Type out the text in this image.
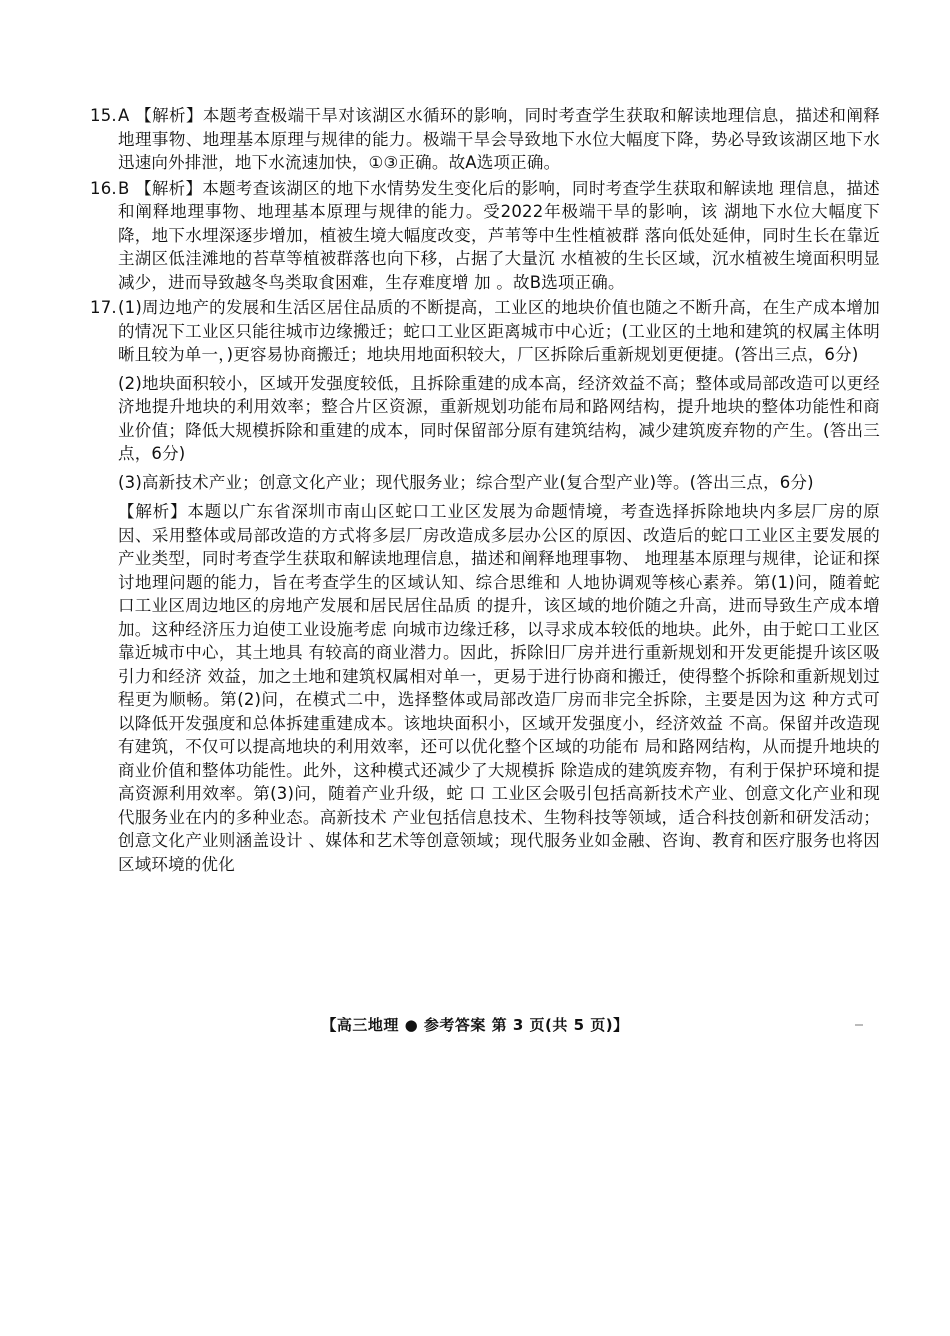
15. A 【解析】本题考查极端干旱对该湖区水循环的影响，同时考查学生获取和解读地理信息，描述和阐释地理事物、地理基本原理与规律的能力。极端干旱会导致地下水位大幅度下降，势必导致该湖区地下水迅速向外排泄，地下水流速加快，①③正确。故A选项正确。
16. B 【解析】本题考查该湖区的地下水情势发生变化后的影响，同时考查学生获取和解读地 理信息，描述和阐释地理事物、地理基本原理与规律的能力。受2022年极端干旱的影响，该 湖地下水位大幅度下降，地下水埋深逐步增加，植被生境大幅度改变，芦苇等中生性植被群 落向低处延伸，同时生长在靠近主湖区低洼滩地的苔草等植被群落也向下移，占据了大量沉 水植被的生长区域，沉水植被生境面积明显减少，进而导致越冬鸟类取食困难，生存难度增 加 。故B选项正确。
17. (1)周边地产的发展和生活区居住品质的不断提高，工业区的地块价值也随之不断升高，在生产成本增加的情况下工业区只能往城市边缘搬迁；蛇口工业区距离城市中心近；(工业区的土地和建筑的权属主体明晰且较为单一，)更容易协商搬迁；地块用地面积较大，厂区拆除后重新规划更便捷。(答出三点，6分)
(2)地块面积较小，区域开发强度较低，且拆除重建的成本高，经济效益不高；整体或局部改造可以更经济地提升地块的利用效率；整合片区资源，重新规划功能布局和路网结构，提升地块的整体功能性和商业价值；降低大规模拆除和重建的成本，同时保留部分原有建筑结构，减少建筑废弃物的产生。(答出三点，6分)
(3)高新技术产业；创意文化产业；现代服务业；综合型产业(复合型产业)等。(答出三点，6分)
【解析】本题以广东省深圳市南山区蛇口工业区发展为命题情境，考查选择拆除地块内多层厂房的原因、采用整体或局部改造的方式将多层厂房改造成多层办公区的原因、改造后的蛇口工业区主要发展的产业类型，同时考查学生获取和解读地理信息，描述和阐释地理事物、 地理基本原理与规律，论证和探讨地理问题的能力，旨在考查学生的区域认知、综合思维和 人地协调观等核心素养。第(1)问，随着蛇口工业区周边地区的房地产发展和居民居住品质 的提升，该区域的地价随之升高，进而导致生产成本增加。这种经济压力迫使工业设施考虑 向城市边缘迁移，以寻求成本较低的地块。此外，由于蛇口工业区靠近城市中心，其土地具 有较高的商业潜力。因此，拆除旧厂房并进行重新规划和开发更能提升该区吸引力和经济 效益，加之土地和建筑权属相对单一，更易于进行协商和搬迁，使得整个拆除和重新规划过 程更为顺畅。第(2)问，在模式二中，选择整体或局部改造厂房而非完全拆除，主要是因为这 种方式可以降低开发强度和总体拆建重建成本。该地块面积小，区域开发强度小，经济效益 不高。保留并改造现有建筑，不仅可以提高地块的利用效率，还可以优化整个区域的功能布 局和路网结构，从而提升地块的商业价值和整体功能性。此外，这种模式还减少了大规模拆 除造成的建筑废弃物，有利于保护环境和提高资源利用效率。第(3)问，随着产业升级，蛇 口 工业区会吸引包括高新技术产业、创意文化产业和现代服务业在内的多种业态。高新技术 产业包括信息技术、生物科技等领域，适合科技创新和研发活动；创意文化产业则涵盖设计 、媒体和艺术等创意领域；现代服务业如金融、咨询、教育和医疗服务也将因区域环境的优化
【高三地理 ● 参考答案 第 3 页(共 5 页)】
